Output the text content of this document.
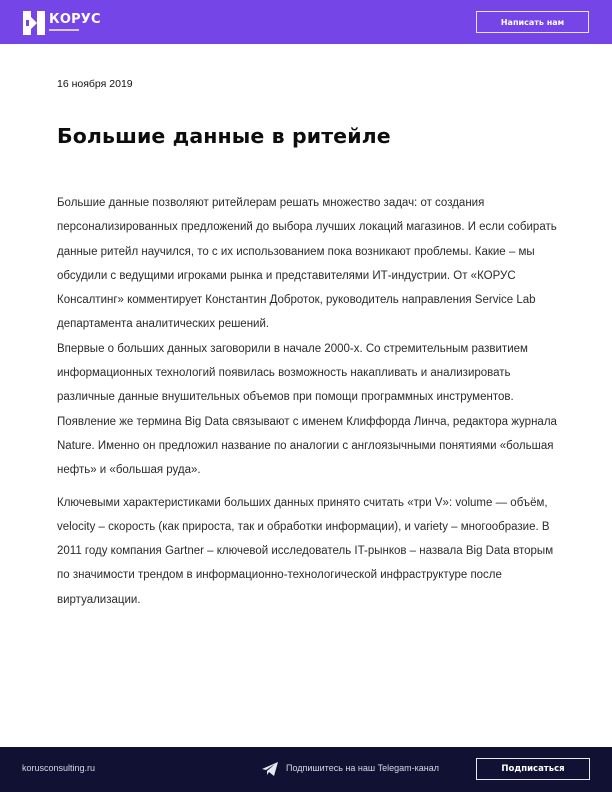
КОРУС	Написать нам
16 ноября 2019
Большие данные в ритейле

Большие данные позволяют ритейлерам решать множество задач: от создания персонализированных предложений до выбора лучших локаций магазинов. И если собирать данные ритейл научился, то с их использованием пока возникают проблемы. Какие – мы обсудили с ведущими игроками рынка и представителями ИТ-индустрии. От «КОРУС Консалтинг» комментирует Константин Доброток, руководитель направления Service Lab департамента аналитических решений.

Впервые о больших данных заговорили в начале 2000-х. Со стремительным развитием информационных технологий появилась возможность накапливать и анализировать различные данные внушительных объемов при помощи программных инструментов. Появление же термина Big Data связывают с именем Клиффорда Линча, редактора журнала Nature. Именно он предложил название по аналогии с англоязычными понятиями «большая нефть» и «большая руда».

Ключевыми характеристиками больших данных принято считать «три V»: volume — объём, velocity – скорость (как прироста, так и обработки информации), и variety – многообразие. В 2011 году компания Gartner – ключевой исследователь IT-рынков – назвала Big Data вторым по значимости трендом в информационно-технологической инфраструктуре после виртуализации.

korusconsulting.ru	Подпишитесь на наш Telegam-канал	Подписаться
